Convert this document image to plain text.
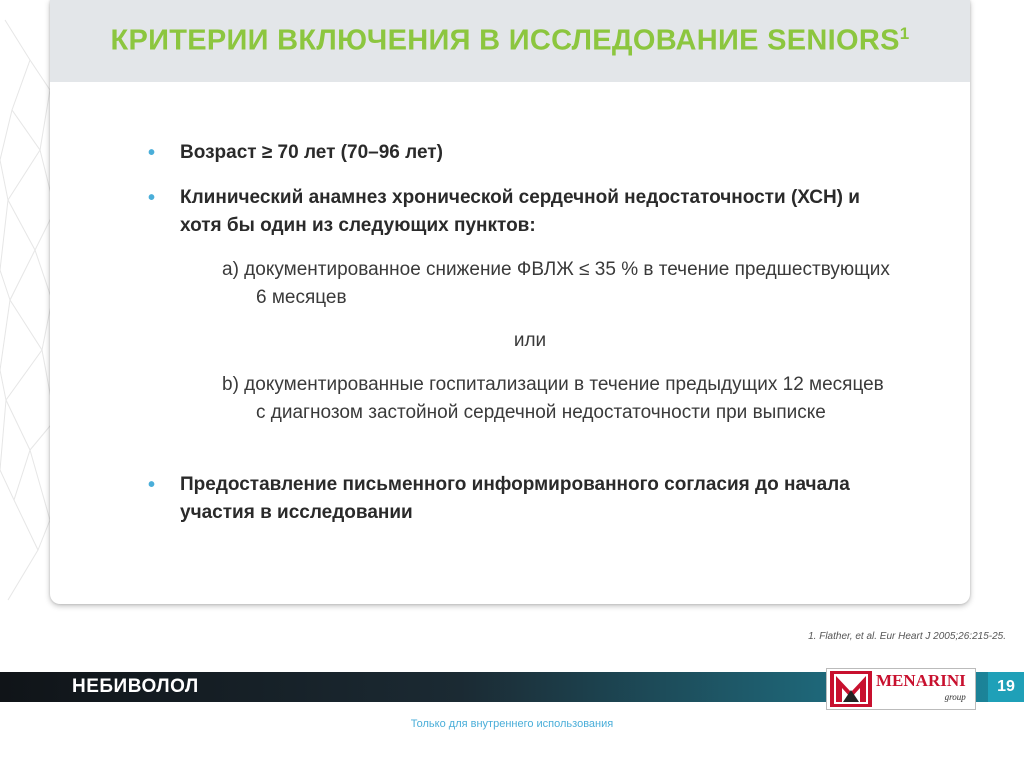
КРИТЕРИИ ВКЛЮЧЕНИЯ В ИССЛЕДОВАНИЕ SENIORS$^1$
• Возраст ≥ 70 лет (70–96 лет)
• Клинический анамнез хронической сердечной недостаточности (ХСН) и хотя бы один из следующих пунктов:
a) документированное снижение ФВЛЖ ≤ 35 % в течение предшествующих 6 месяцев
или
b) документированные госпитализации в течение предыдущих 12 месяцев с диагнозом застойной сердечной недостаточности при выписке
• Предоставление письменного информированного согласия до начала участия в исследовании
1. Flather, et al. Eur Heart J 2005;26:215-25.
НЕБИВОЛОЛ	MENARINI
group
19
Только для внутреннего использования
